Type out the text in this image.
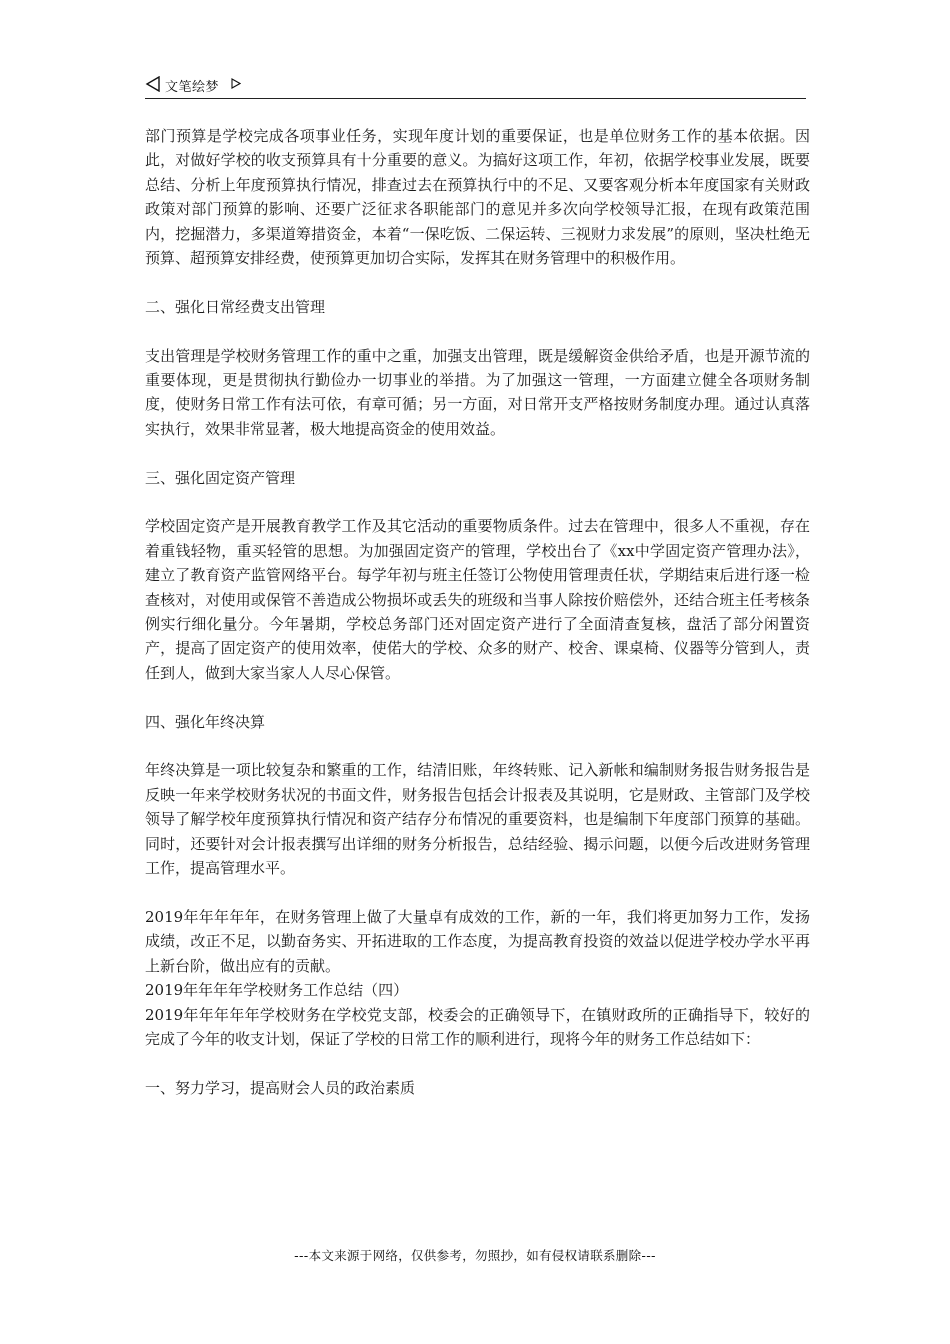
文笔绘梦

部门预算是学校完成各项事业任务，实现年度计划的重要保证，也是单位财务工作的基本依据。因此，对做好学校的收支预算具有十分重要的意义。为搞好这项工作，年初，依据学校事业发展，既要总结、分析上年度预算执行情况，排查过去在预算执行中的不足、又要客观分析本年度国家有关财政政策对部门预算的影响、还要广泛征求各职能部门的意见并多次向学校领导汇报，在现有政策范围内，挖掘潜力，多渠道筹措资金，本着“一保吃饭、二保运转、三视财力求发展”的原则，坚决杜绝无预算、超预算安排经费，使预算更加切合实际，发挥其在财务管理中的积极作用。

二、强化日常经费支出管理

支出管理是学校财务管理工作的重中之重，加强支出管理，既是缓解资金供给矛盾，也是开源节流的重要体现，更是贯彻执行勤俭办一切事业的举措。为了加强这一管理，一方面建立健全各项财务制度，使财务日常工作有法可依，有章可循；另一方面，对日常开支严格按财务制度办理。通过认真落实执行，效果非常显著，极大地提高资金的使用效益。

三、强化固定资产管理

学校固定资产是开展教育教学工作及其它活动的重要物质条件。过去在管理中，很多人不重视，存在着重钱轻物，重买轻管的思想。为加强固定资产的管理，学校出台了《xx中学固定资产管理办法》，建立了教育资产监管网络平台。每学年初与班主任签订公物使用管理责任状，学期结束后进行逐一检查核对，对使用或保管不善造成公物损坏或丢失的班级和当事人除按价赔偿外，还结合班主任考核条例实行细化量分。今年暑期，学校总务部门还对固定资产进行了全面清查复核，盘活了部分闲置资产，提高了固定资产的使用效率，使偌大的学校、众多的财产、校舍、课桌椅、仪器等分管到人，责任到人，做到大家当家人人尽心保管。

四、强化年终决算

年终决算是一项比较复杂和繁重的工作，结清旧账，年终转账、记入新帐和编制财务报告财务报告是反映一年来学校财务状况的书面文件，财务报告包括会计报表及其说明，它是财政、主管部门及学校领导了解学校年度预算执行情况和资产结存分布情况的重要资料，也是编制下年度部门预算的基础。同时，还要针对会计报表撰写出详细的财务分析报告，总结经验、揭示问题，以便今后改进财务管理工作，提高管理水平。

2019年年年年年，在财务管理上做了大量卓有成效的工作，新的一年，我们将更加努力工作，发扬成绩，改正不足，以勤奋务实、开拓进取的工作态度，为提高教育投资的效益以促进学校办学水平再上新台阶，做出应有的贡献。

2019年年年年学校财务工作总结（四）

2019年年年年年学校财务在学校党支部，校委会的正确领导下，在镇财政所的正确指导下，较好的完成了今年的收支计划，保证了学校的日常工作的顺利进行，现将今年的财务工作总结如下：

一、努力学习，提高财会人员的政治素质

---本文来源于网络，仅供参考，勿照抄，如有侵权请联系删除---
